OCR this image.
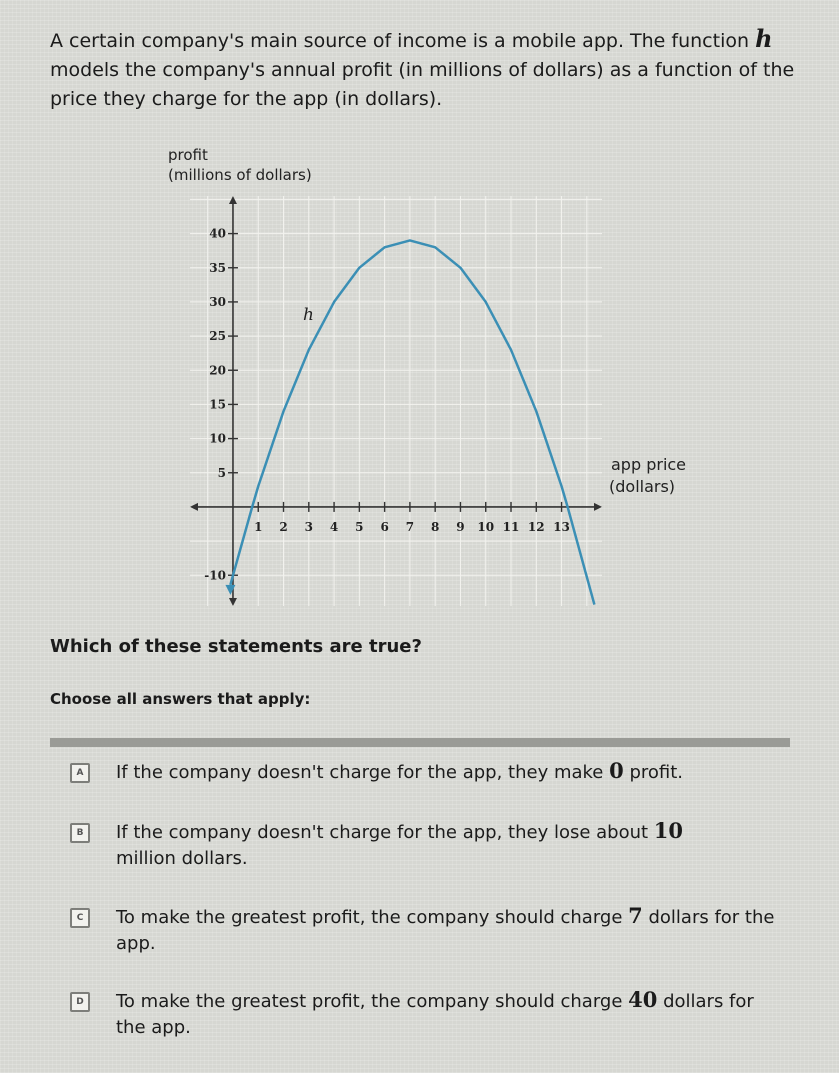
A certain company's main source of income is a mobile app. The function h models the company's annual profit (in millions of dollars) as a function of the price they charge for the app (in dollars).
1 2 3 4 5 6 7 8 9 10 11 12 13
-10
5
10
15
20
25
30
35
40
profit
(millions of dollars)
app price
(dollars)
h
Which of these statements are true?
Choose all answers that apply:
A	If the company doesn't charge for the app, they make 0 profit.
B	If the company doesn't charge for the app, they lose about 10
million dollars.
C	To make the greatest profit, the company should charge 7 dollars for the app.
D	To make the greatest profit, the company should charge 40 dollars for the app.
